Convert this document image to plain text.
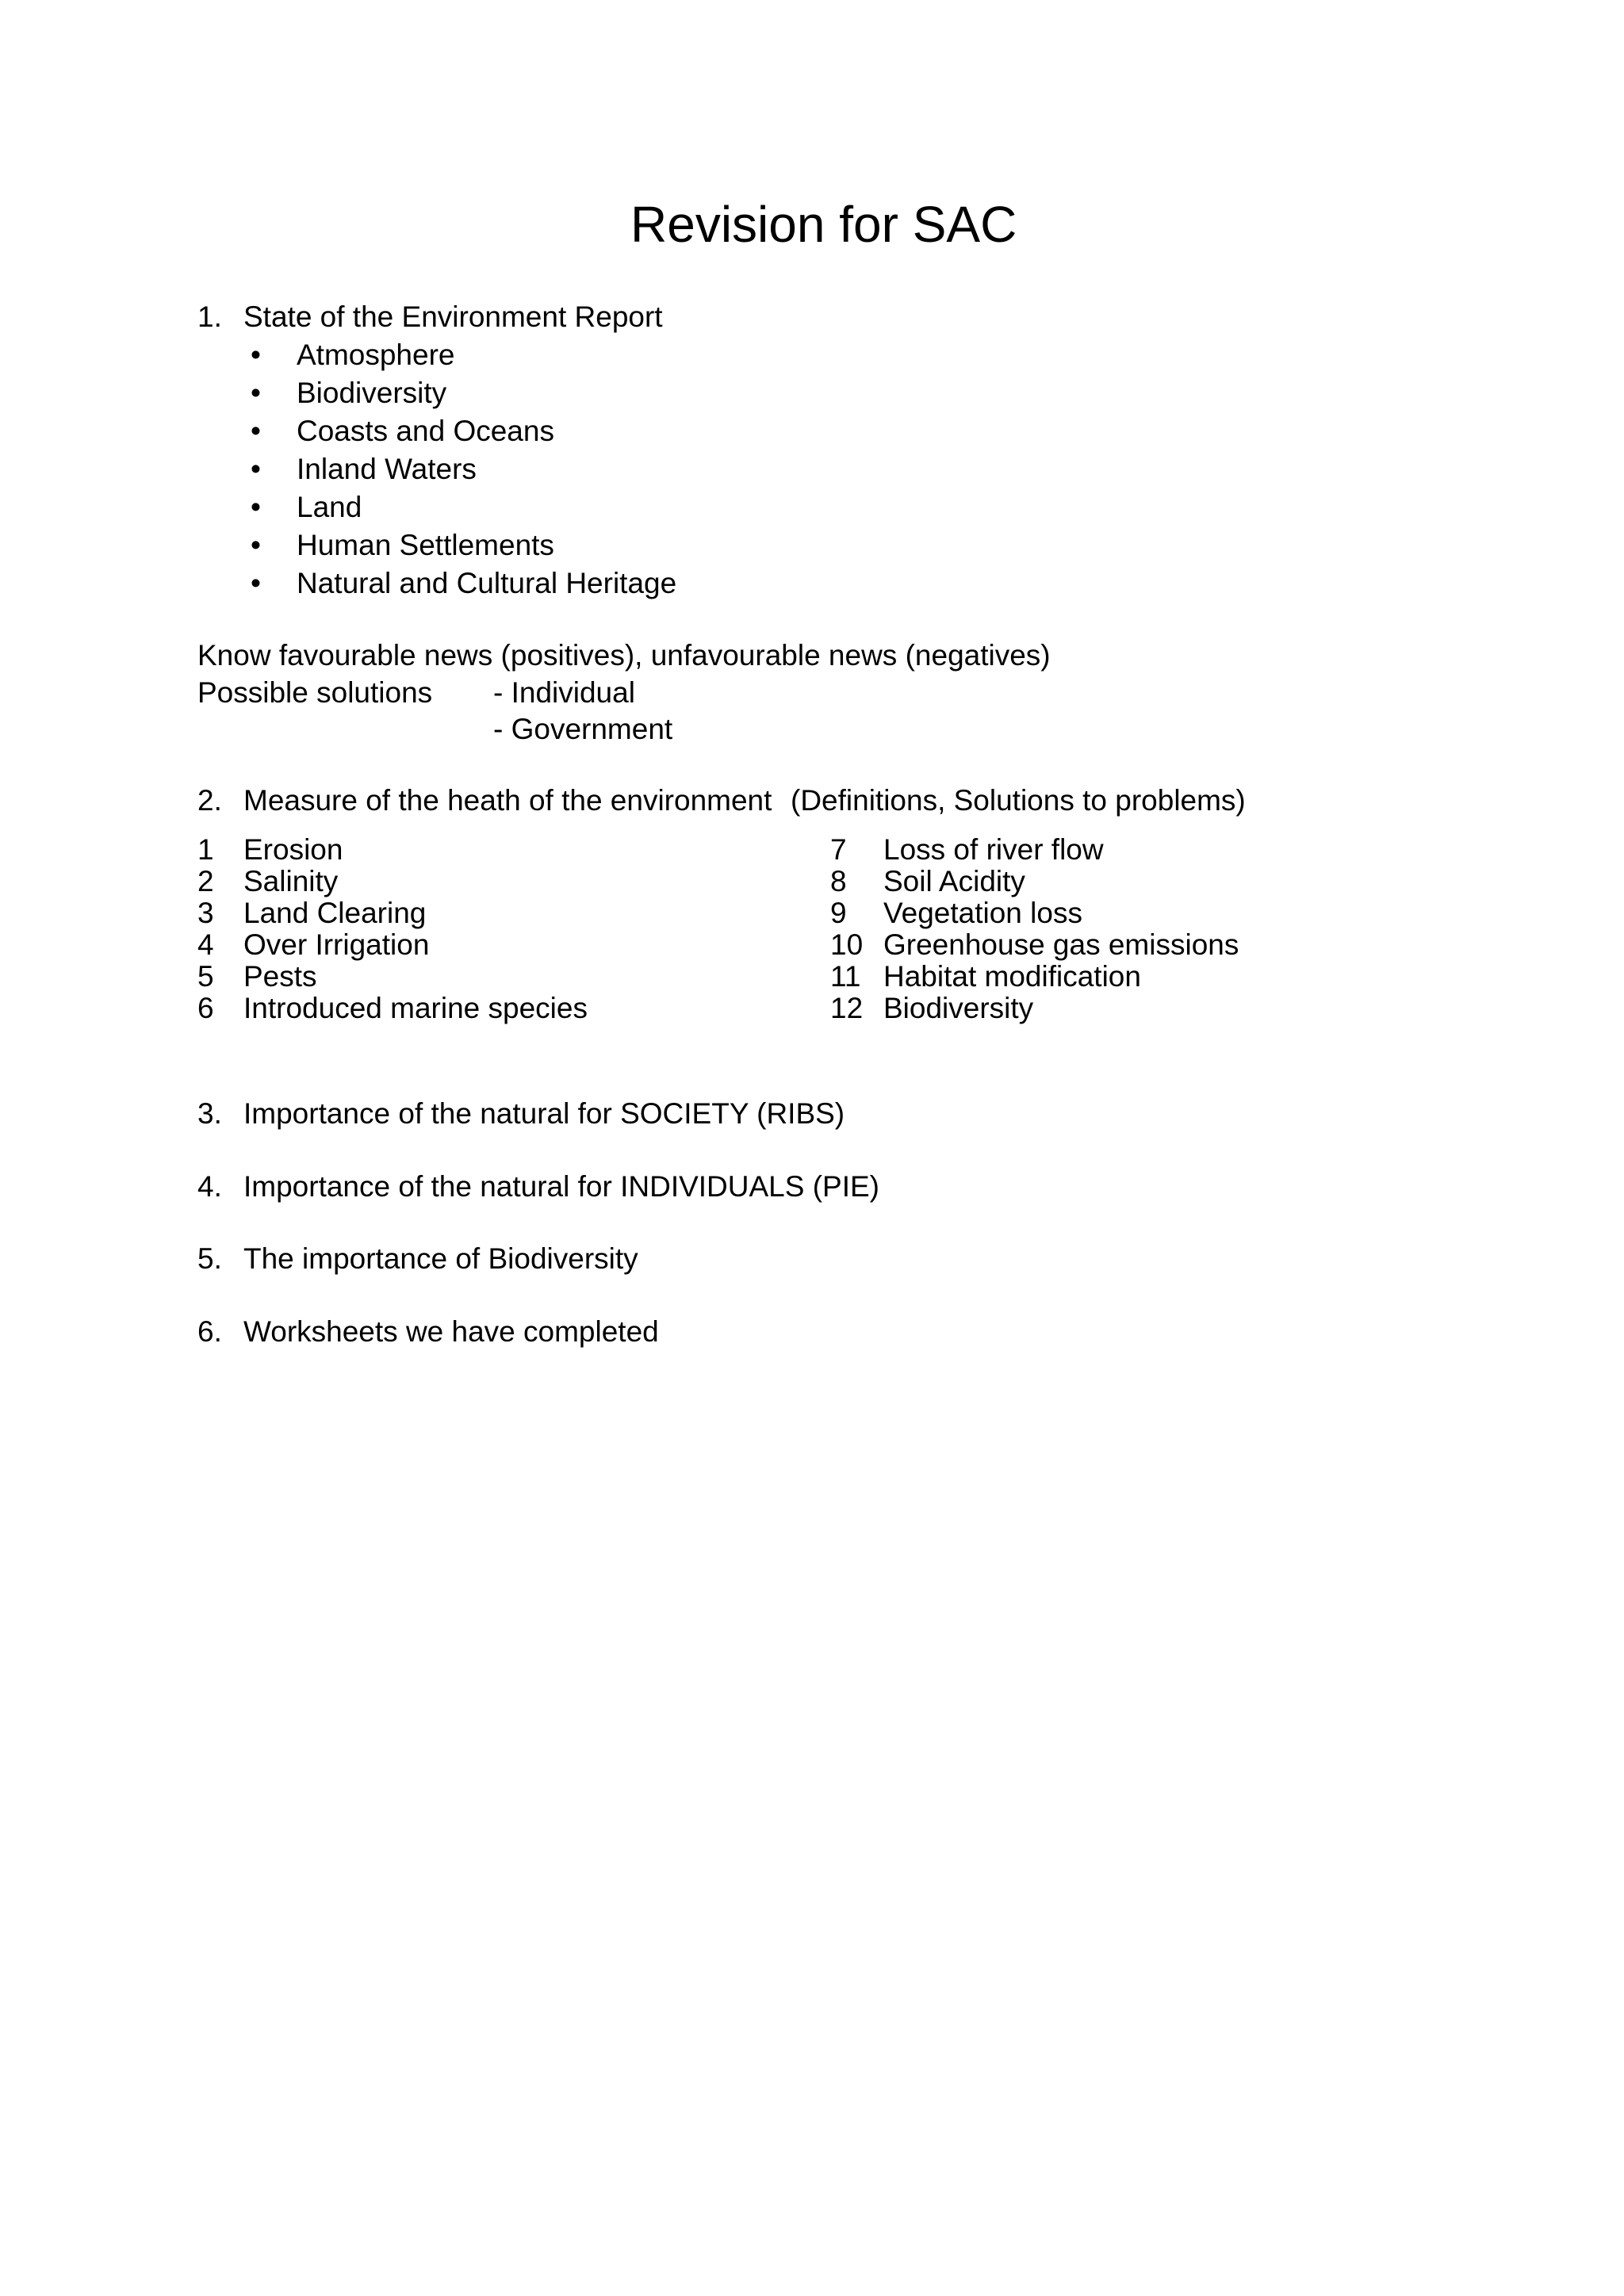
Revision for SAC
1. State of the Environment Report
• Atmosphere
• Biodiversity
• Coasts and Oceans
• Inland Waters
• Land
• Human Settlements
• Natural and Cultural Heritage
Know favourable news (positives), unfavourable news (negatives)
Possible solutions - Individual
- Government
2. Measure of the heath of the environment (Definitions, Solutions to problems)
1 Erosion
2 Salinity
3 Land Clearing
4 Over Irrigation
5 Pests
6 Introduced marine species
7 Loss of river flow
8 Soil Acidity
9 Vegetation loss
10 Greenhouse gas emissions
11 Habitat modification
12 Biodiversity
3. Importance of the natural for SOCIETY (RIBS)
4. Importance of the natural for INDIVIDUALS (PIE)
5. The importance of Biodiversity
6. Worksheets we have completed
